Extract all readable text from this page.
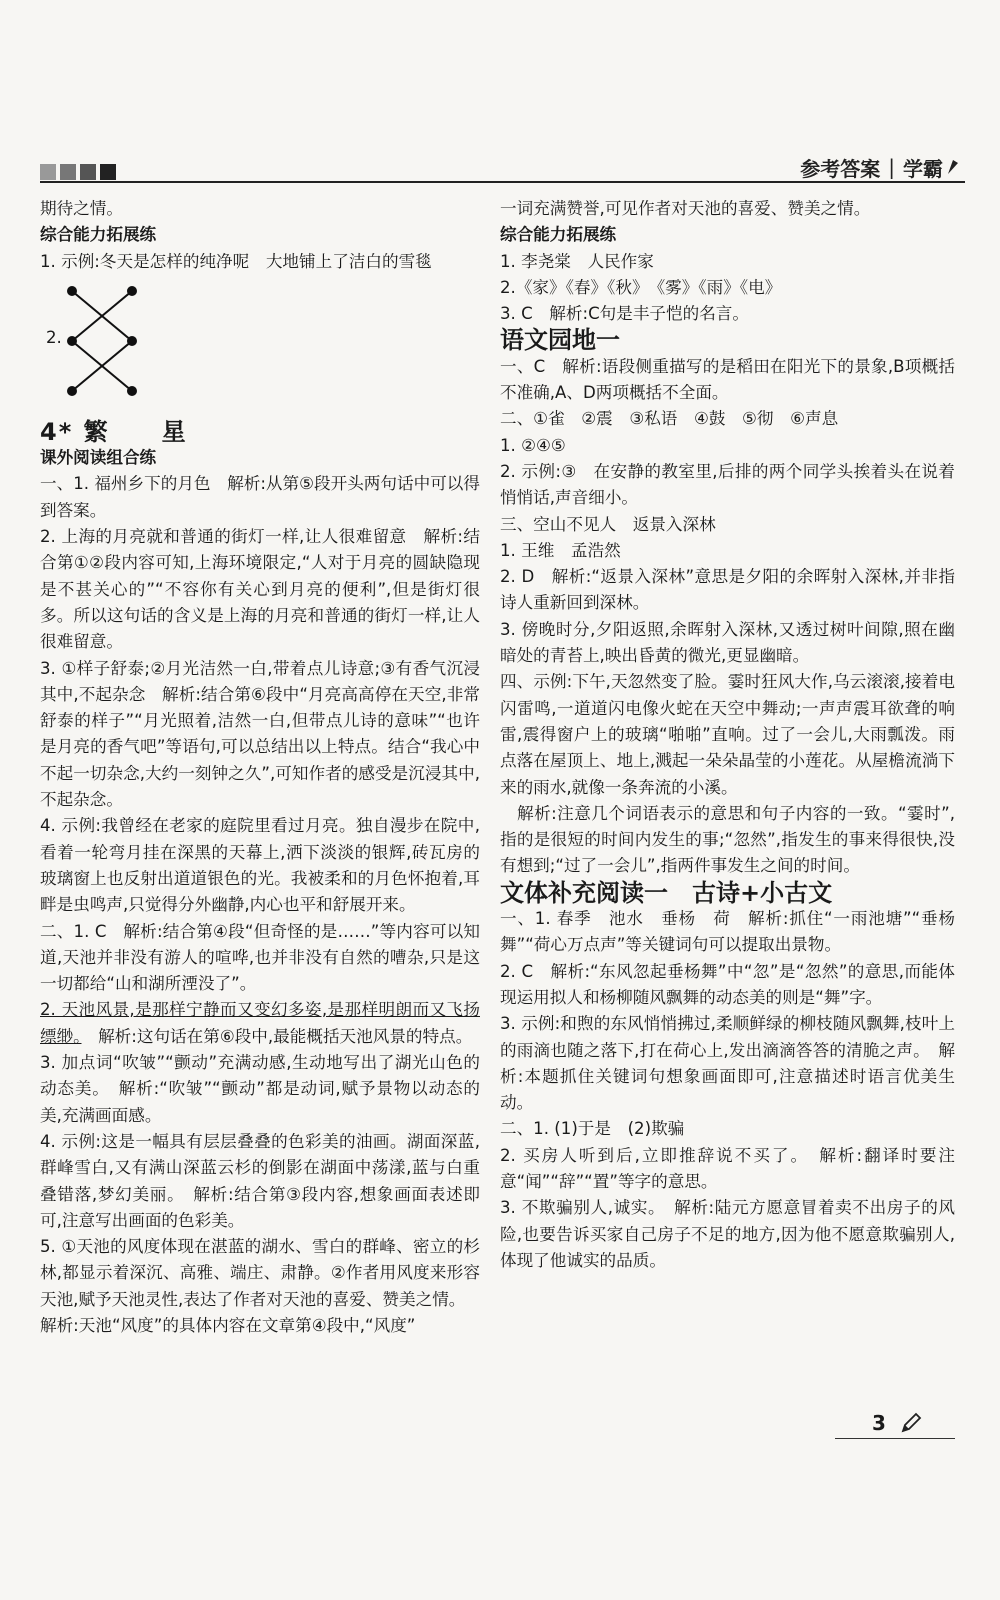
参考答案 | 学霸

期待之情。

综合能力拓展练

1. 示例:冬天是怎样的纯净呢　大地铺上了洁白的雪毯

2.

4* 繁　　星

课外阅读组合练

一、1. 福州乡下的月色　解析:从第⑤段开头两句话中可以得到答案。

2. 上海的月亮就和普通的街灯一样,让人很难留意　解析:结合第①②段内容可知,上海环境限定,“人对于月亮的圆缺隐现是不甚关心的”“不容你有关心到月亮的便利”,但是街灯很多。所以这句话的含义是上海的月亮和普通的街灯一样,让人很难留意。

3. ①样子舒泰;②月光洁然一白,带着点儿诗意;③有香气沉浸其中,不起杂念　解析:结合第⑥段中“月亮高高停在天空,非常舒泰的样子”“月光照着,洁然一白,但带点儿诗的意味”“也许是月亮的香气吧”等语句,可以总结出以上特点。结合“我心中不起一切杂念,大约一刻钟之久”,可知作者的感受是沉浸其中,不起杂念。

4. 示例:我曾经在老家的庭院里看过月亮。独自漫步在院中,看着一轮弯月挂在深黑的天幕上,洒下淡淡的银辉,砖瓦房的玻璃窗上也反射出道道银色的光。我被柔和的月色怀抱着,耳畔是虫鸣声,只觉得分外幽静,内心也平和舒展开来。

二、1. C　解析:结合第④段“但奇怪的是……”等内容可以知道,天池并非没有游人的喧哗,也并非没有自然的嘈杂,只是这一切都给“山和湖所湮没了”。

2. 天池风景,是那样宁静而又变幻多姿,是那样明朗而又飞扬缥缈。　解析:这句话在第⑥段中,最能概括天池风景的特点。

3. 加点词“吹皱”“颤动”充满动感,生动地写出了湖光山色的动态美。　解析:“吹皱”“颤动”都是动词,赋予景物以动态的美,充满画面感。

4. 示例:这是一幅具有层层叠叠的色彩美的油画。湖面深蓝,群峰雪白,又有满山深蓝云杉的倒影在湖面中荡漾,蓝与白重叠错落,梦幻美丽。　解析:结合第③段内容,想象画面表述即可,注意写出画面的色彩美。

5. ①天池的风度体现在湛蓝的湖水、雪白的群峰、密立的杉林,都显示着深沉、高雅、端庄、肃静。②作者用风度来形容天池,赋予天池灵性,表达了作者对天池的喜爱、赞美之情。

解析:天池“风度”的具体内容在文章第④段中,“风度”

一词充满赞誉,可见作者对天池的喜爱、赞美之情。

综合能力拓展练

1. 李尧棠　人民作家

2.《家》《春》《秋》　《雾》《雨》《电》

3. C　解析:C句是丰子恺的名言。

语文园地一

一、C　解析:语段侧重描写的是稻田在阳光下的景象,B项概括不准确,A、D两项概括不全面。

二、①雀　②震　③私语　④鼓　⑤彻　⑥声息

1. ②④⑤

2. 示例:③　在安静的教室里,后排的两个同学头挨着头在说着悄悄话,声音细小。

三、空山不见人　返景入深林

1. 王维　孟浩然

2. D　解析:“返景入深林”意思是夕阳的余晖射入深林,并非指诗人重新回到深林。

3. 傍晚时分,夕阳返照,余晖射入深林,又透过树叶间隙,照在幽暗处的青苔上,映出昏黄的微光,更显幽暗。

四、示例:下午,天忽然变了脸。霎时狂风大作,乌云滚滚,接着电闪雷鸣,一道道闪电像火蛇在天空中舞动;一声声震耳欲聋的响雷,震得窗户上的玻璃“啪啪”直响。过了一会儿,大雨瓢泼。雨点落在屋顶上、地上,溅起一朵朵晶莹的小莲花。从屋檐流淌下来的雨水,就像一条奔流的小溪。

　解析:注意几个词语表示的意思和句子内容的一致。“霎时”,指的是很短的时间内发生的事;“忽然”,指发生的事来得很快,没有想到;“过了一会儿”,指两件事发生之间的时间。

文体补充阅读一　古诗+小古文

一、1. 春季　池水　垂杨　荷　解析:抓住“一雨池塘”“垂杨舞”“荷心万点声”等关键词句可以提取出景物。

2. C　解析:“东风忽起垂杨舞”中“忽”是“忽然”的意思,而能体现运用拟人和杨柳随风飘舞的动态美的则是“舞”字。

3. 示例:和煦的东风悄悄拂过,柔顺鲜绿的柳枝随风飘舞,枝叶上的雨滴也随之落下,打在荷心上,发出滴滴答答的清脆之声。　解析:本题抓住关键词句想象画面即可,注意描述时语言优美生动。

二、1. (1)于是　(2)欺骗

2. 买房人听到后,立即推辞说不买了。　解析:翻译时要注意“闻”“辞”“置”等字的意思。

3. 不欺骗别人,诚实。　解析:陆元方愿意冒着卖不出房子的风险,也要告诉买家自己房子不足的地方,因为他不愿意欺骗别人,体现了他诚实的品质。

3
